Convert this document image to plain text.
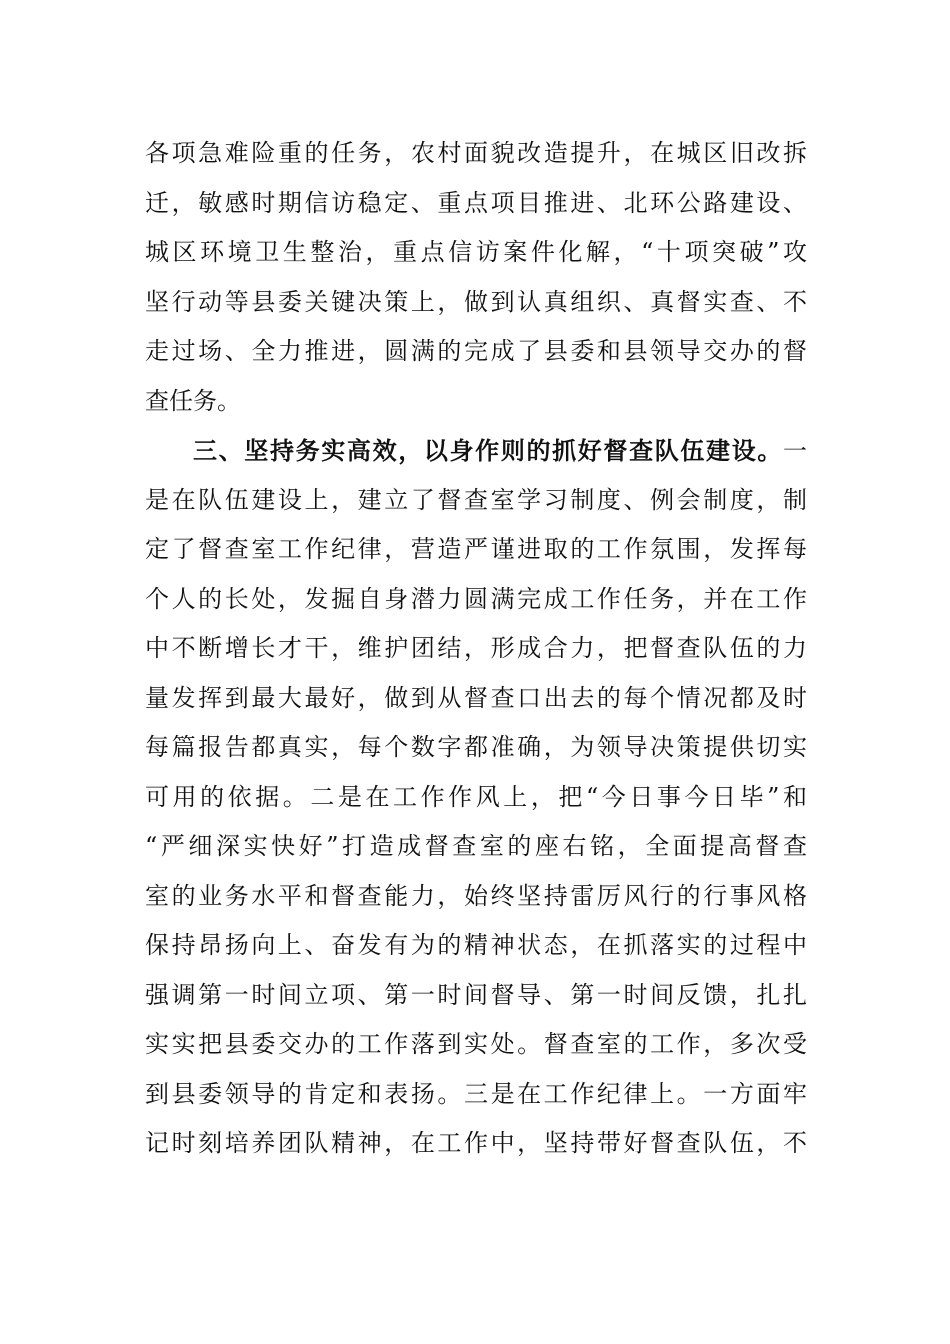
各项急难险重的任务，农村面貌改造提升，在城区旧改拆
迁，敏感时期信访稳定、重点项目推进、北环公路建设、
城区环境卫生整治，重点信访案件化解，“十项突破”攻
坚行动等县委关键决策上，做到认真组织、真督实查、不
走过场、全力推进，圆满的完成了县委和县领导交办的督
查任务。
三、坚持务实高效，以身作则的抓好督查队伍建设。一
是在队伍建设上，建立了督查室学习制度、例会制度，制
定了督查室工作纪律，营造严谨进取的工作氛围，发挥每
个人的长处，发掘自身潜力圆满完成工作任务，并在工作
中不断增长才干，维护团结，形成合力，把督查队伍的力
量发挥到最大最好，做到从督查口出去的每个情况都及时
每篇报告都真实，每个数字都准确，为领导决策提供切实
可用的依据。二是在工作作风上，把“今日事今日毕”和
“严细深实快好”打造成督查室的座右铭，全面提高督查
室的业务水平和督查能力，始终坚持雷厉风行的行事风格
保持昂扬向上、奋发有为的精神状态，在抓落实的过程中
强调第一时间立项、第一时间督导、第一时间反馈，扎扎
实实把县委交办的工作落到实处。督查室的工作，多次受
到县委领导的肯定和表扬。三是在工作纪律上。一方面牢
记时刻培养团队精神，在工作中，坚持带好督查队伍，不
